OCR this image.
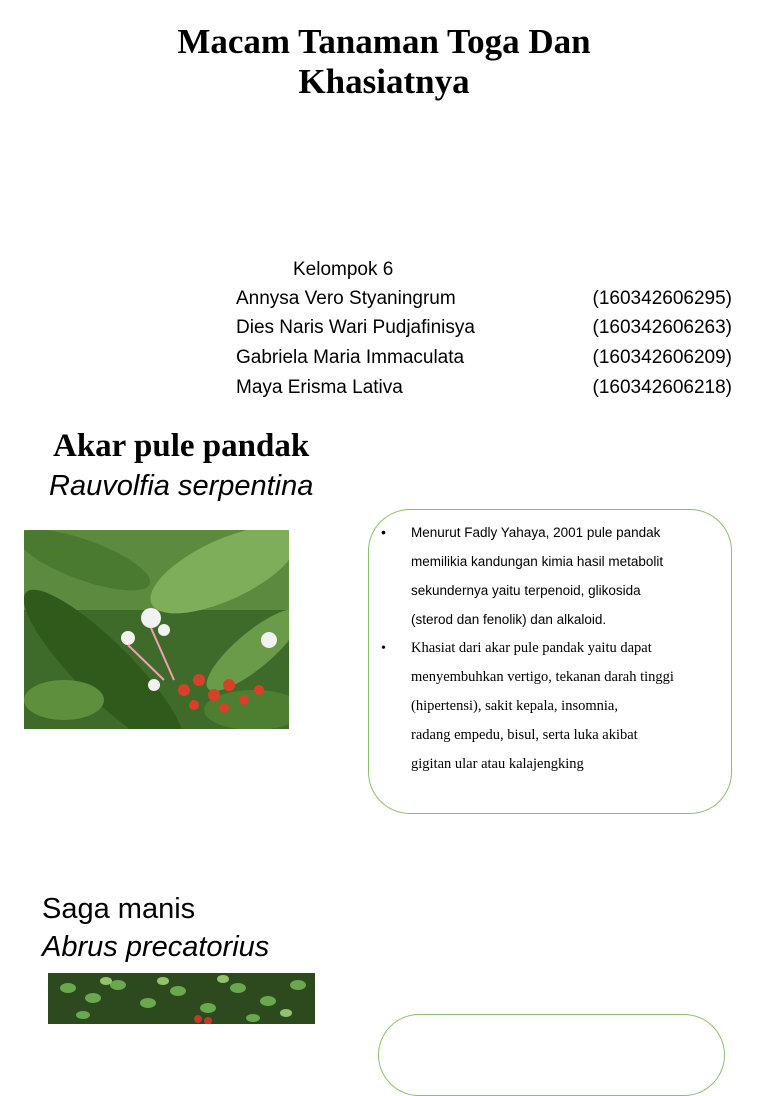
Macam Tanaman Toga Dan
Khasiatnya
Kelompok 6
Annysa Vero Styaningrum	(160342606295)
Dies Naris Wari Pudjafinisya	(160342606263)
Gabriela Maria Immaculata	(160342606209)
Maya Erisma Lativa	(160342606218)
Akar pule pandak
Rauvolfia serpentina
• Menurut Fadly Yahaya, 2001 pule pandak
memilikia kandungan kimia hasil metabolit
sekundernya yaitu terpenoid, glikosida
(sterod dan fenolik) dan alkaloid.
• Khasiat dari akar pule pandak yaitu dapat
menyembuhkan vertigo, tekanan darah tinggi
(hipertensi), sakit kepala, insomnia,
radang empedu, bisul, serta luka akibat
gigitan ular atau kalajengking
Saga manis
Abrus precatorius
